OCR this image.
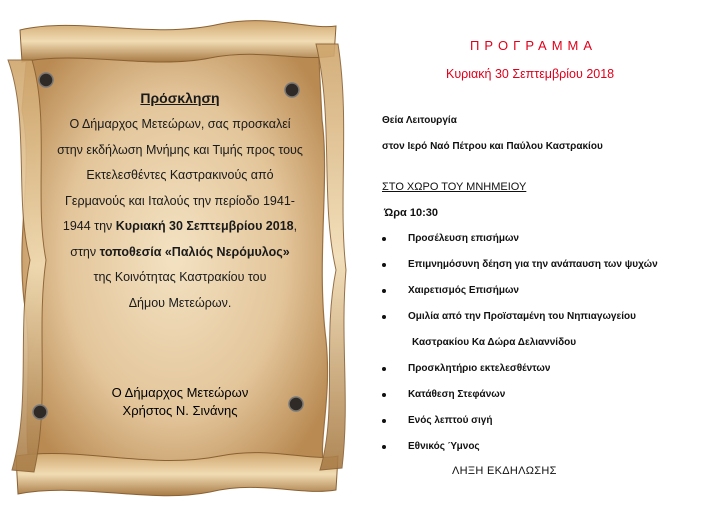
Πρόσκληση
Ο Δήμαρχος Μετεώρων, σας προσκαλεί
στην εκδήλωση Μνήμης και Τιμής προς τους
Εκτελεσθέντες Καστρακινούς από
Γερμανούς και Ιταλούς την περίοδο 1941-
1944 την Κυριακή 30 Σεπτεμβρίου 2018,
στην τοποθεσία «Παλιός Νερόμυλος»
της Κοινότητας Καστρακίου του
Δήμου Μετεώρων.
Ο Δήμαρχος Μετεώρων
Χρήστος Ν. Σινάνης
ΠΡΟΓΡΑΜΜΑ
Κυριακή 30 Σεπτεμβρίου 2018
Θεία Λειτουργία
στον Ιερό Ναό Πέτρου και Παύλου Καστρακίου
ΣΤΟ ΧΩΡΟ ΤΟΥ ΜΝΗΜΕΙΟΥ
Ώρα 10:30
Προσέλευση επισήμων
Επιμνημόσυνη δέηση για την ανάπαυση των ψυχών
Χαιρετισμός Επισήμων
Ομιλία από την Προϊσταμένη του Νηπιαγωγείου
Καστρακίου Κα Δώρα Δελιαννίδου
Προσκλητήριο εκτελεσθέντων
Κατάθεση Στεφάνων
Ενός λεπτού σιγή
Εθνικός Ύμνος
ΛΗΞΗ ΕΚΔΗΛΩΣΗΣ
